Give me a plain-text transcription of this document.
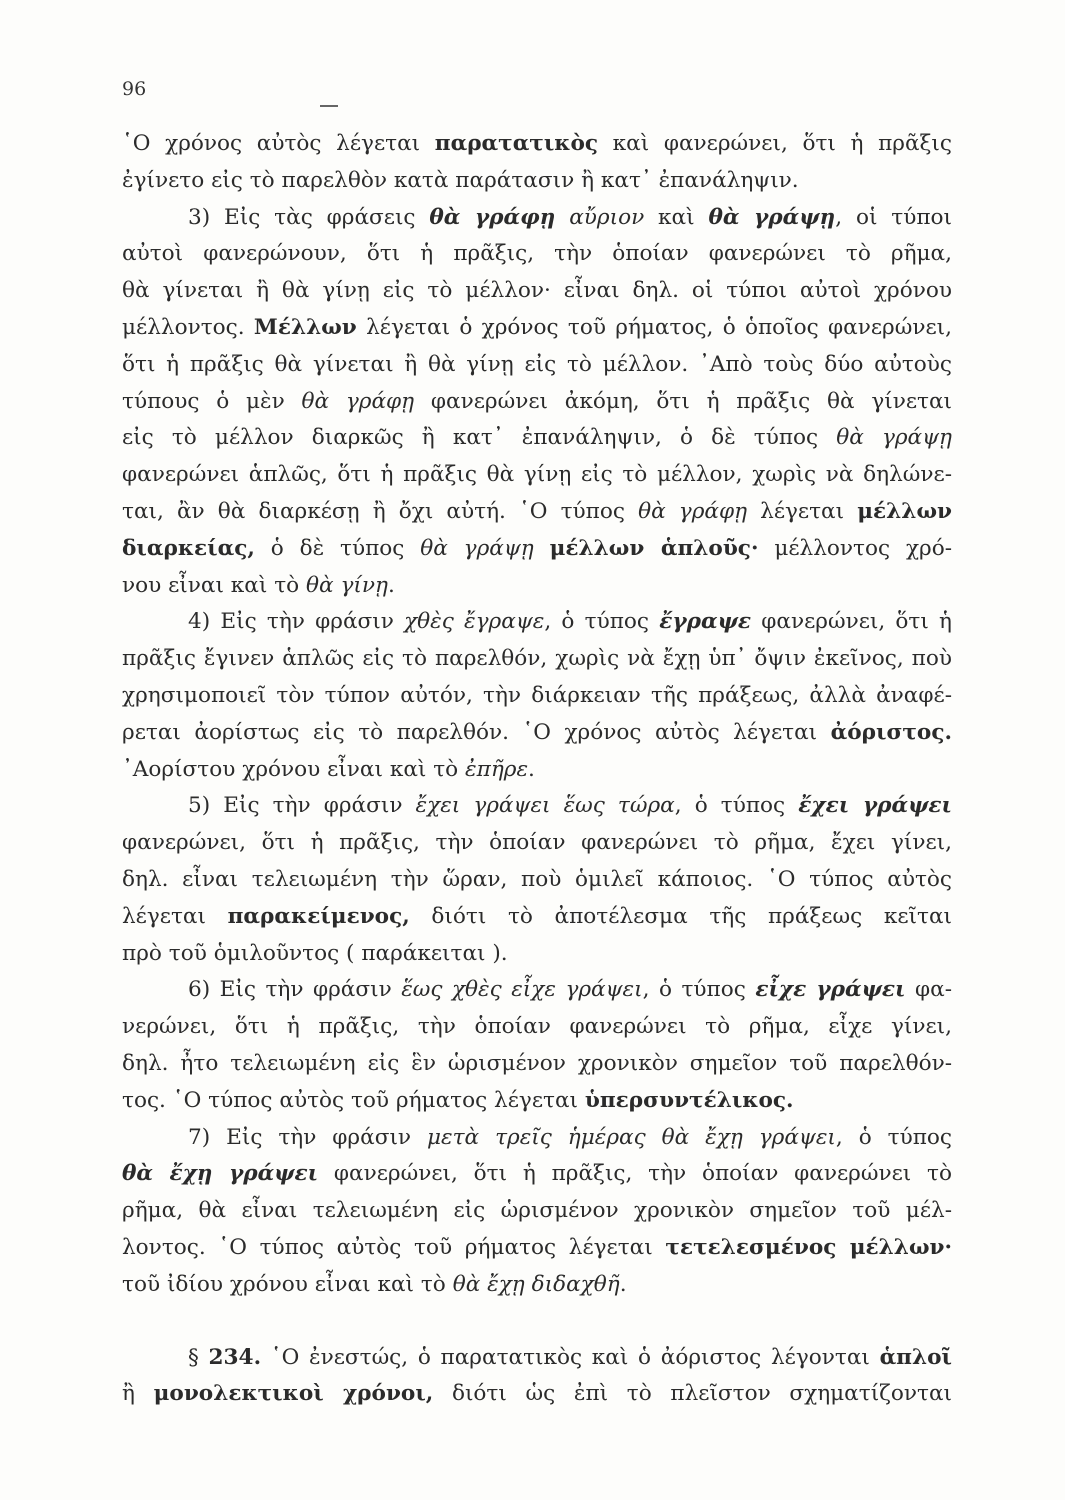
96
῾Ο χρόνος αὐτὸς λέγεται παρατατικὸς καὶ φανερώνει, ὅτι ἡ πρᾶξις
ἐγίνετο εἰς τὸ παρελθὸν κατὰ παράτασιν ἢ κατ᾽ ἐπανάληψιν.
3) Εἰς τὰς φράσεις θὰ γράφῃ αὔριον καὶ θὰ γράψῃ, οἱ τύποι
αὐτοὶ φανερώνουν, ὅτι ἡ πρᾶξις, τὴν ὁποίαν φανερώνει τὸ ρῆμα,
θὰ γίνεται ἢ θὰ γίνῃ εἰς τὸ μέλλον· εἶναι δηλ. οἱ τύποι αὐτοὶ χρόνου
μέλλοντος. Μέλλων λέγεται ὁ χρόνος τοῦ ρήματος, ὁ ὁποῖος φανερώνει,
ὅτι ἡ πρᾶξις θὰ γίνεται ἢ θὰ γίνῃ εἰς τὸ μέλλον. ᾽Απὸ τοὺς δύο αὐτοὺς
τύπους ὁ μὲν θὰ γράφῃ φανερώνει ἀκόμη, ὅτι ἡ πρᾶξις θὰ γίνεται
εἰς τὸ μέλλον διαρκῶς ἢ κατ᾽ ἐπανάληψιν, ὁ δὲ τύπος θὰ γράψῃ
φανερώνει ἁπλῶς, ὅτι ἡ πρᾶξις θὰ γίνῃ εἰς τὸ μέλλον, χωρὶς νὰ δηλώνε-
ται, ἂν θὰ διαρκέσῃ ἢ ὄχι αὐτή. ῾Ο τύπος θὰ γράφῃ λέγεται μέλλων
διαρκείας, ὁ δὲ τύπος θὰ γράψῃ μέλλων ἁπλοῦς· μέλλοντος χρό-
νου εἶναι καὶ τὸ θὰ γίνῃ.
4) Εἰς τὴν φράσιν χθὲς ἔγραψε, ὁ τύπος ἔγραψε φανερώνει, ὅτι ἡ
πρᾶξις ἔγινεν ἁπλῶς εἰς τὸ παρελθόν, χωρὶς νὰ ἔχῃ ὑπ᾽ ὄψιν ἐκεῖνος, ποὺ
χρησιμοποιεῖ τὸν τύπον αὐτόν, τὴν διάρκειαν τῆς πράξεως, ἀλλὰ ἀναφέ-
ρεται ἀορίστως εἰς τὸ παρελθόν. ῾Ο χρόνος αὐτὸς λέγεται ἀόριστος.
᾽Αορίστου χρόνου εἶναι καὶ τὸ ἐπῆρε.
5) Εἰς τὴν φράσιν ἔχει γράψει ἕως τώρα, ὁ τύπος ἔχει γράψει
φανερώνει, ὅτι ἡ πρᾶξις, τὴν ὁποίαν φανερώνει τὸ ρῆμα, ἔχει γίνει,
δηλ. εἶναι τελειωμένη τὴν ὥραν, ποὺ ὁμιλεῖ κάποιος. ῾Ο τύπος αὐτὸς
λέγεται παρακείμενος, διότι τὸ ἀποτέλεσμα τῆς πράξεως κεῖται
πρὸ τοῦ ὁμιλοῦντος ( παράκειται ).
6) Εἰς τὴν φράσιν ἕως χθὲς εἶχε γράψει, ὁ τύπος εἶχε γράψει φα-
νερώνει, ὅτι ἡ πρᾶξις, τὴν ὁποίαν φανερώνει τὸ ρῆμα, εἶχε γίνει,
δηλ. ἦτο τελειωμένη εἰς ἓν ὡρισμένον χρονικὸν σημεῖον τοῦ παρελθόν-
τος. ῾Ο τύπος αὐτὸς τοῦ ρήματος λέγεται ὑπερσυντέλικος.
7) Εἰς τὴν φράσιν μετὰ τρεῖς ἡμέρας θὰ ἔχῃ γράψει, ὁ τύπος
θὰ ἔχῃ γράψει φανερώνει, ὅτι ἡ πρᾶξις, τὴν ὁποίαν φανερώνει τὸ
ρῆμα, θὰ εἶναι τελειωμένη εἰς ὡρισμένον χρονικὸν σημεῖον τοῦ μέλ-
λοντος. ῾Ο τύπος αὐτὸς τοῦ ρήματος λέγεται τετελεσμένος μέλλων·
τοῦ ἰδίου χρόνου εἶναι καὶ τὸ θὰ ἔχῃ διδαχθῆ.
§ 234. ῾Ο ἐνεστώς, ὁ παρατατικὸς καὶ ὁ ἀόριστος λέγονται ἁπλοῖ
ἢ μονολεκτικοὶ χρόνοι, διότι ὡς ἐπὶ τὸ πλεῖστον σχηματίζονται
